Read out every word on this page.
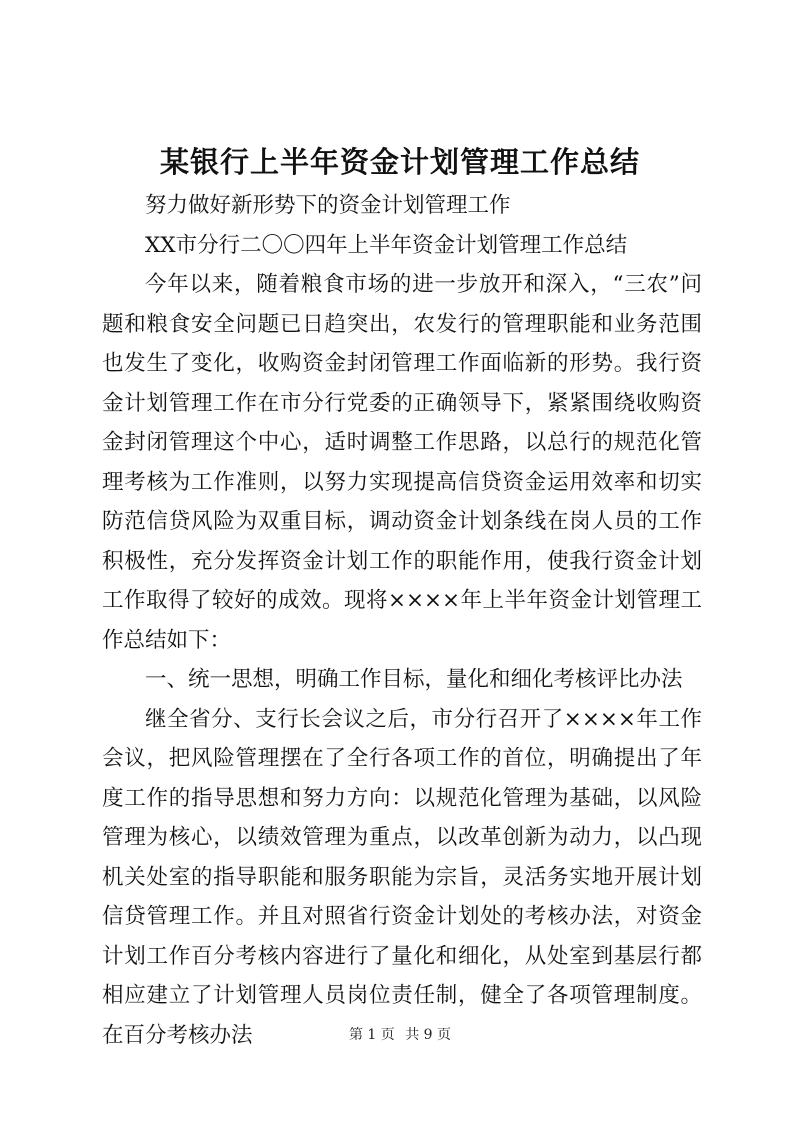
某银行上半年资金计划管理工作总结

努力做好新形势下的资金计划管理工作

XX市分行二〇〇四年上半年资金计划管理工作总结

今年以来，随着粮食市场的进一步放开和深入，“三农”问题和粮食安全问题已日趋突出，农发行的管理职能和业务范围也发生了变化，收购资金封闭管理工作面临新的形势。我行资金计划管理工作在市分行党委的正确领导下，紧紧围绕收购资金封闭管理这个中心，适时调整工作思路，以总行的规范化管理考核为工作准则，以努力实现提高信贷资金运用效率和切实防范信贷风险为双重目标，调动资金计划条线在岗人员的工作积极性，充分发挥资金计划工作的职能作用，使我行资金计划工作取得了较好的成效。现将××××年上半年资金计划管理工作总结如下：

一、统一思想，明确工作目标，量化和细化考核评比办法

继全省分、支行长会议之后，市分行召开了××××年工作会议，把风险管理摆在了全行各项工作的首位，明确提出了年度工作的指导思想和努力方向：以规范化管理为基础，以风险管理为核心，以绩效管理为重点，以改革创新为动力，以凸现机关处室的指导职能和服务职能为宗旨，灵活务实地开展计划信贷管理工作。并且对照省行资金计划处的考核办法，对资金计划工作百分考核内容进行了量化和细化，从处室到基层行都相应建立了计划管理人员岗位责任制，健全了各项管理制度。在百分考核办法	第 1 页 共 9 页
